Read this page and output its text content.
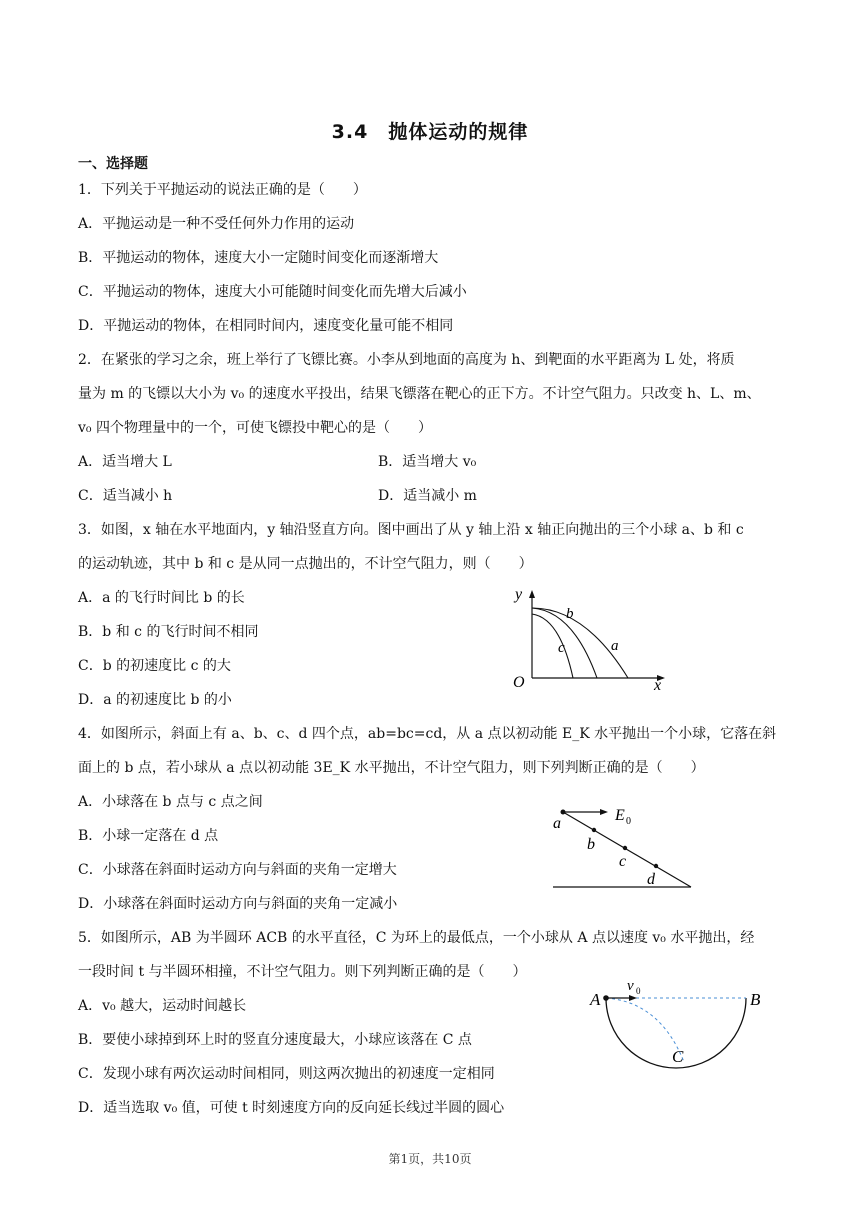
3.4　抛体运动的规律
一、选择题
1．下列关于平抛运动的说法正确的是（　　）
A．平抛运动是一种不受任何外力作用的运动
B．平抛运动的物体，速度大小一定随时间变化而逐渐增大
C．平抛运动的物体，速度大小可能随时间变化而先增大后减小
D．平抛运动的物体，在相同时间内，速度变化量可能不相同
2．在紧张的学习之余，班上举行了飞镖比赛。小李从到地面的高度为 h、到靶面的水平距离为 L 处，将质
量为 m 的飞镖以大小为 v₀ 的速度水平投出，结果飞镖落在靶心的正下方。不计空气阻力。只改变 h、L、m、
v₀ 四个物理量中的一个，可使飞镖投中靶心的是（　　）
A．适当增大 L	B．适当增大 v₀
C．适当减小 h	D．适当减小 m
3．如图，x 轴在水平地面内，y 轴沿竖直方向。图中画出了从 y 轴上沿 x 轴正向抛出的三个小球 a、b 和 c
的运动轨迹，其中 b 和 c 是从同一点抛出的，不计空气阻力，则（　　）
A．a 的飞行时间比 b 的长
B．b 和 c 的飞行时间不相同
C．b 的初速度比 c 的大
D．a 的初速度比 b 的小
4．如图所示，斜面上有 a、b、c、d 四个点，ab=bc=cd，从 a 点以初动能 E_K 水平抛出一个小球，它落在斜
面上的 b 点，若小球从 a 点以初动能 3E_K 水平抛出，不计空气阻力，则下列判断正确的是（　　）
A．小球落在 b 点与 c 点之间
B．小球一定落在 d 点
C．小球落在斜面时运动方向与斜面的夹角一定增大
D．小球落在斜面时运动方向与斜面的夹角一定减小
5．如图所示，AB 为半圆环 ACB 的水平直径，C 为环上的最低点，一个小球从 A 点以速度 v₀ 水平抛出，经
一段时间 t 与半圆环相撞，不计空气阻力。则下列判断正确的是（　　）
A．v₀ 越大，运动时间越长
B．要使小球掉到环上时的竖直分速度最大，小球应该落在 C 点
C．发现小球有两次运动时间相同，则这两次抛出的初速度一定相同
D．适当选取 v₀ 值，可使 t 时刻速度方向的反向延长线过半圆的圆心
y
x
O
a
b
c
a
b
c
d
E 0
A	B
C
v 0
第1页，共10页
